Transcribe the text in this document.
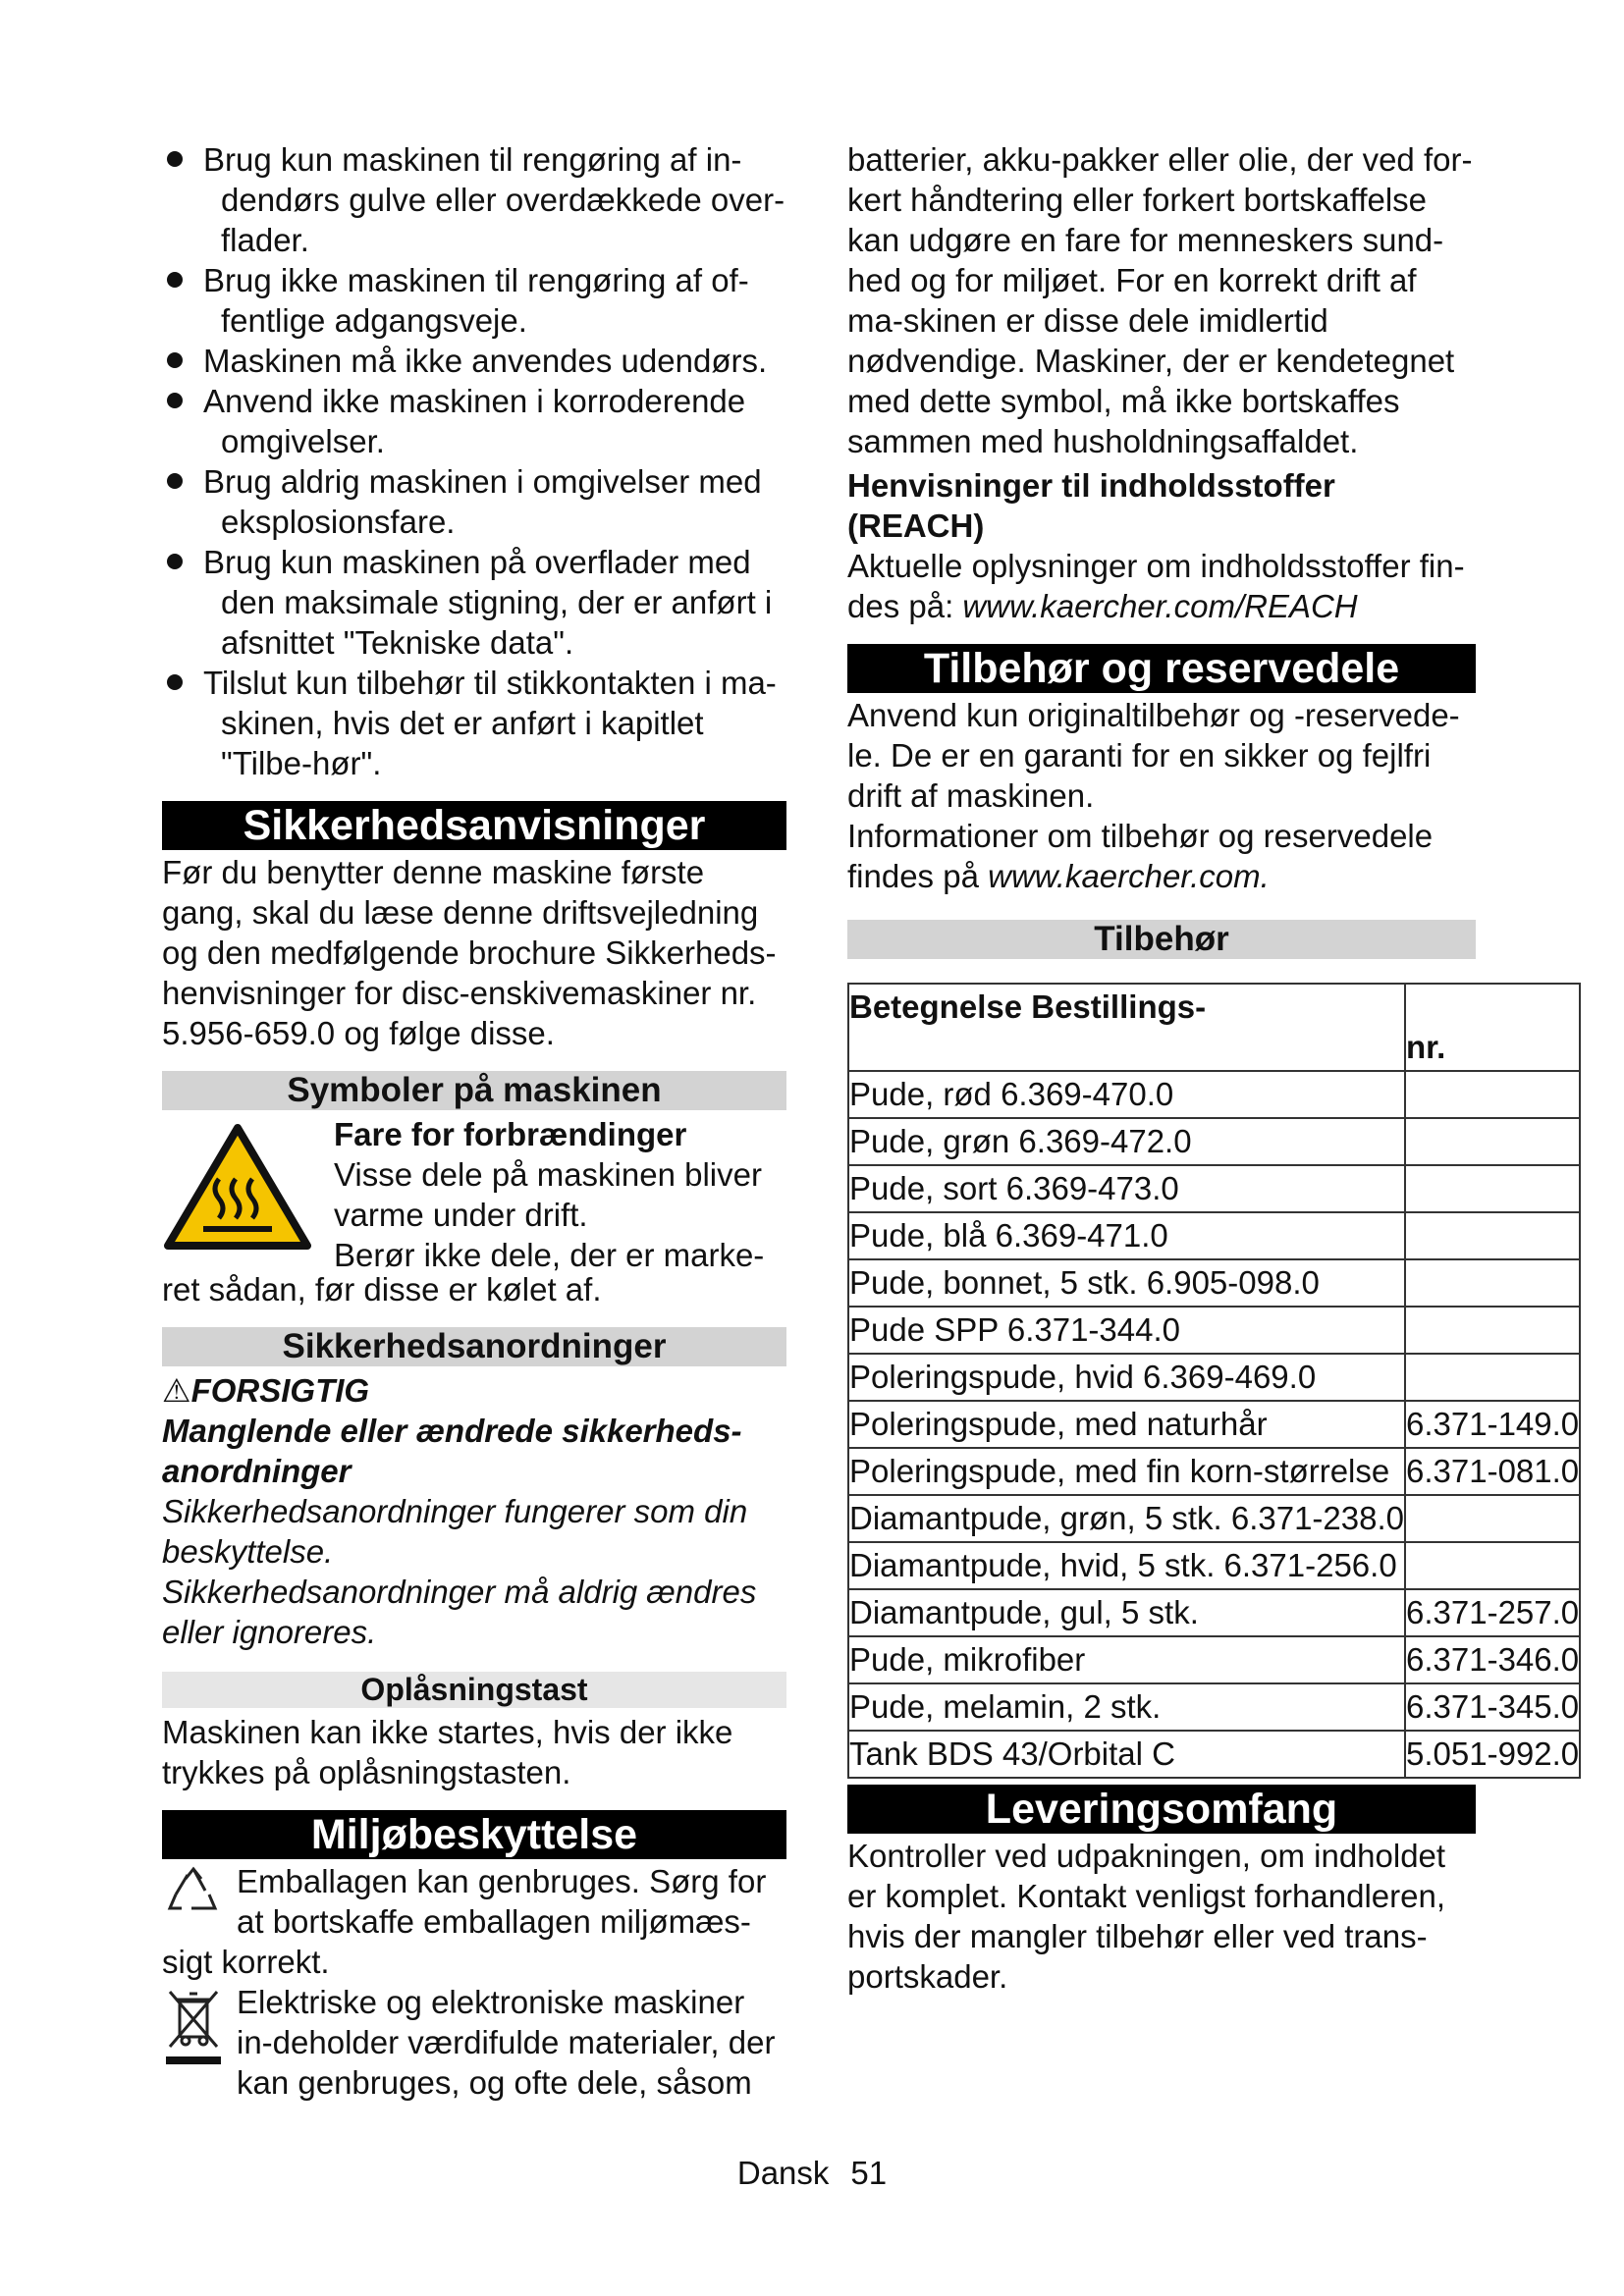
Brug kun maskinen til rengøring af in-dendørs gulve eller overdækkede over-flader.
Brug ikke maskinen til rengøring af of-fentlige adgangsveje.
Maskinen må ikke anvendes udendørs.
Anvend ikke maskinen i korroderende omgivelser.
Brug aldrig maskinen i omgivelser med eksplosionsfare.
Brug kun maskinen på overflader med den maksimale stigning, der er anført i afsnittet "Tekniske data".
Tilslut kun tilbehør til stikkontakten i ma-skinen, hvis det er anført i kapitlet "Tilbe-hør".
Sikkerhedsanvisninger

Før du benytter denne maskine første gang, skal du læse denne driftsvejledning og den medfølgende brochure Sikkerheds-henvisninger for disc-enskivemaskiner nr. 5.956-659.0 og følge disse.

Symboler på maskinen

Fare for forbrændinger

Visse dele på maskinen bliver varme under drift.

Berør ikke dele, der er marke-

ret sådan, før disse er kølet af.

Sikkerhedsanordninger

⚠FORSIGTIG

Manglende eller ændrede sikkerheds-anordninger

Sikkerhedsanordninger fungerer som din beskyttelse.

Sikkerhedsanordninger må aldrig ændres eller ignoreres.

Oplåsningstast

Maskinen kan ikke startes, hvis der ikke trykkes på oplåsningstasten.

Miljøbeskyttelse

Emballagen kan genbruges. Sørg for

at bortskaffe emballagen miljømæs-

sigt korrekt.

Elektriske og elektroniske maskiner in-deholder værdifulde materialer, der kan genbruges, og ofte dele, såsom

batterier, akku-pakker eller olie, der ved for-kert håndtering eller forkert bortskaffelse kan udgøre en fare for menneskers sund-hed og for miljøet. For en korrekt drift af ma-skinen er disse dele imidlertid nødvendige. Maskiner, der er kendetegnet med dette symbol, må ikke bortskaffes sammen med husholdningsaffaldet.

Henvisninger til indholdsstoffer (REACH)

Aktuelle oplysninger om indholdsstoffer fin-des på: www.kaercher.com/REACH

Tilbehør og reservedele

Anvend kun originaltilbehør og -reservede-le. De er en garanti for en sikker og fejlfri drift af maskinen.

Informationer om tilbehør og reservedele findes på www.kaercher.com.

Tilbehør
Betegnelse Bestillings-	nr.
Pude, rød 6.369-470.0	
Pude, grøn 6.369-472.0	
Pude, sort 6.369-473.0	
Pude, blå 6.369-471.0	
Pude, bonnet, 5 stk. 6.905-098.0	
Pude SPP 6.371-344.0	
Poleringspude, hvid 6.369-469.0	
Poleringspude, med naturhår	6.371-149.0
Poleringspude, med fin korn-størrelse	6.371-081.0
Diamantpude, grøn, 5 stk. 6.371-238.0	
Diamantpude, hvid, 5 stk. 6.371-256.0	
Diamantpude, gul, 5 stk.	6.371-257.0
Pude, mikrofiber	6.371-346.0
Pude, melamin, 2 stk.	6.371-345.0
Tank BDS 43/Orbital C	5.051-992.0
Leveringsomfang

Kontroller ved udpakningen, om indholdet er komplet. Kontakt venligst forhandleren, hvis der mangler tilbehør eller ved trans-portskader.

Dansk 51
